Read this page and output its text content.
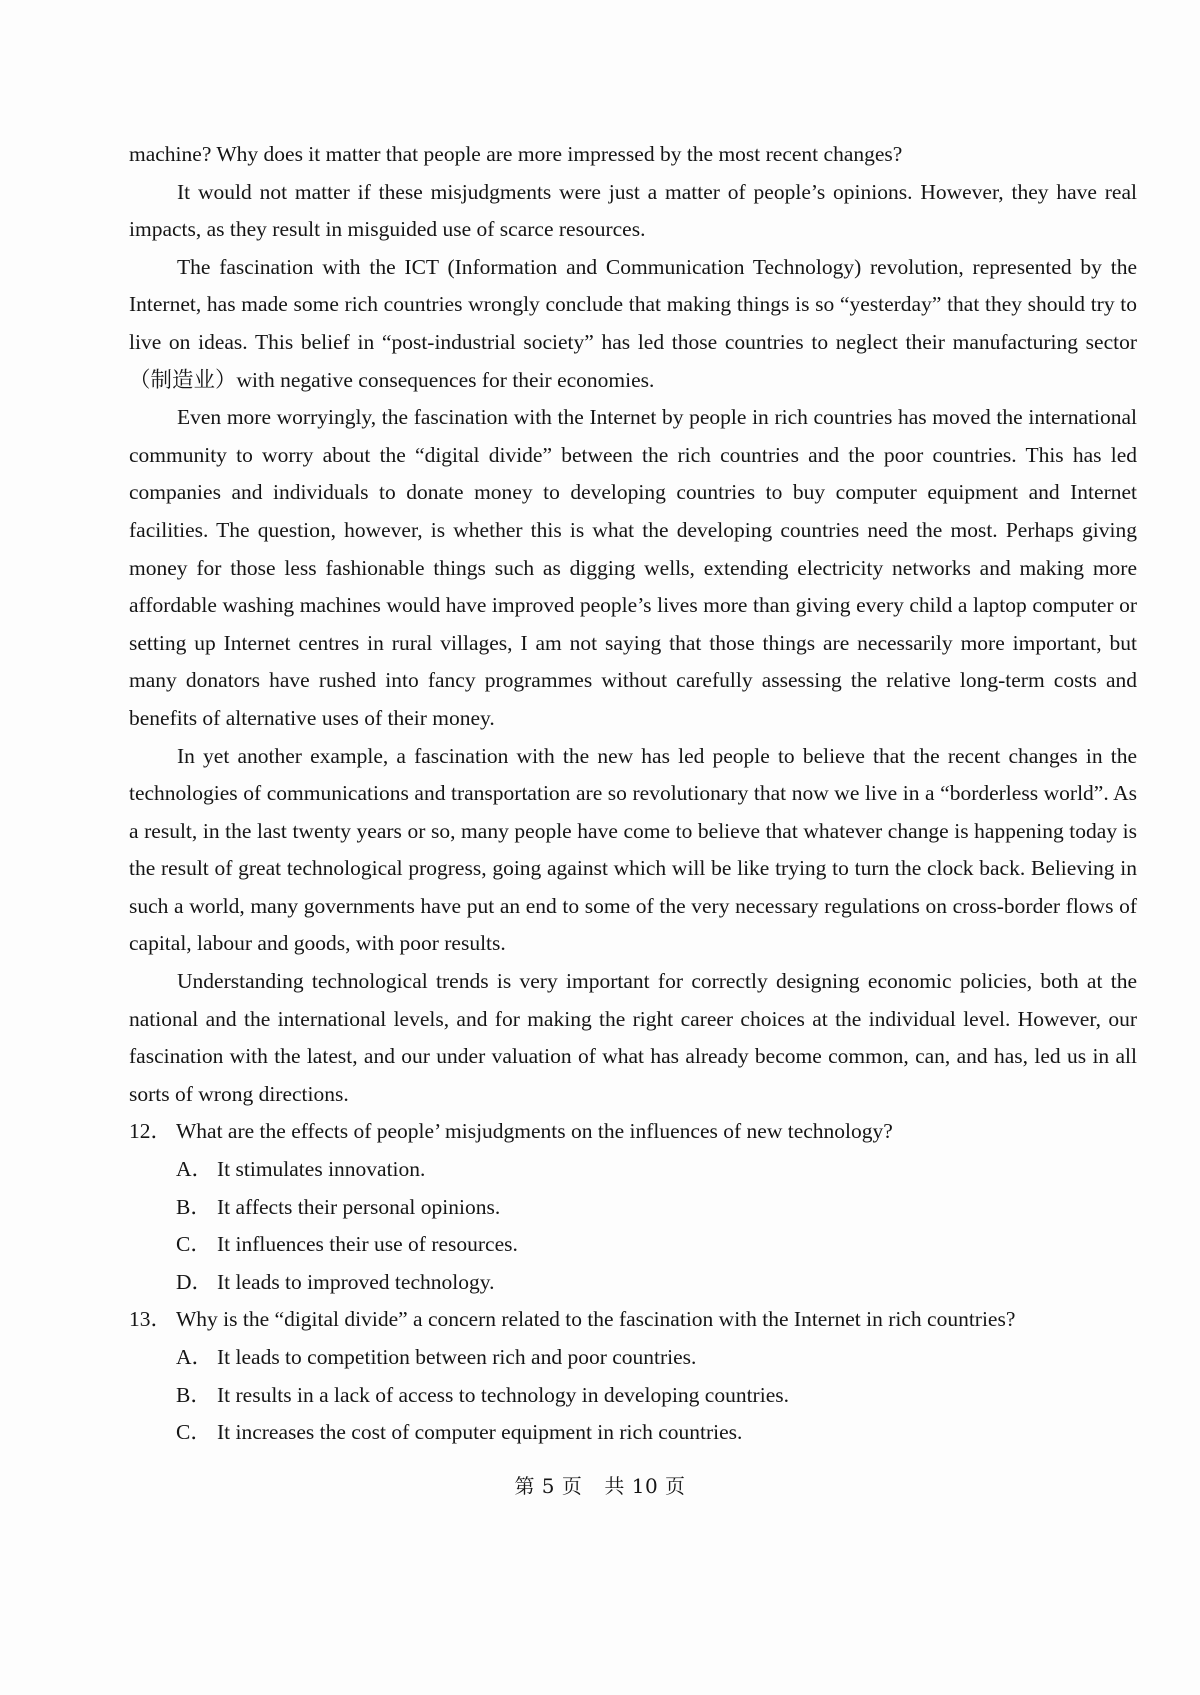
machine? Why does it matter that people are more impressed by the most recent changes?

It would not matter if these misjudgments were just a matter of people’s opinions. However, they have real impacts, as they result in misguided use of scarce resources.

The fascination with the ICT (Information and Communication Technology) revolution, represented by the Internet, has made some rich countries wrongly conclude that making things is so “yesterday” that they should try to live on ideas. This belief in “post-industrial society” has led those countries to neglect their manufacturing sector（制造业）with negative consequences for their economies.

Even more worryingly, the fascination with the Internet by people in rich countries has moved the international community to worry about the “digital divide” between the rich countries and the poor countries. This has led companies and individuals to donate money to developing countries to buy computer equipment and Internet facilities. The question, however, is whether this is what the developing countries need the most. Perhaps giving money for those less fashionable things such as digging wells, extending electricity networks and making more affordable washing machines would have improved people’s lives more than giving every child a laptop computer or setting up Internet centres in rural villages, I am not saying that those things are necessarily more important, but many donators have rushed into fancy programmes without carefully assessing the relative long-term costs and benefits of alternative uses of their money.

In yet another example, a fascination with the new has led people to believe that the recent changes in the technologies of communications and transportation are so revolutionary that now we live in a “borderless world”. As a result, in the last twenty years or so, many people have come to believe that whatever change is happening today is the result of great technological progress, going against which will be like trying to turn the clock back. Believing in such a world, many governments have put an end to some of the very necessary regulations on cross-border flows of capital, labour and goods, with poor results.

Understanding technological trends is very important for correctly designing economic policies, both at the national and the international levels, and for making the right career choices at the individual level. However, our fascination with the latest, and our under valuation of what has already become common, can, and has, led us in all sorts of wrong directions.

12． What are the effects of people’ misjudgments on the influences of new technology?
A． It stimulates innovation.
B． It affects their personal opinions.
C． It influences their use of resources.
D． It leads to improved technology.
13． Why is the “digital divide” a concern related to the fascination with the Internet in rich countries?
A． It leads to competition between rich and poor countries.
B． It results in a lack of access to technology in developing countries.
C． It increases the cost of computer equipment in rich countries.
第 5 页 共 10 页
